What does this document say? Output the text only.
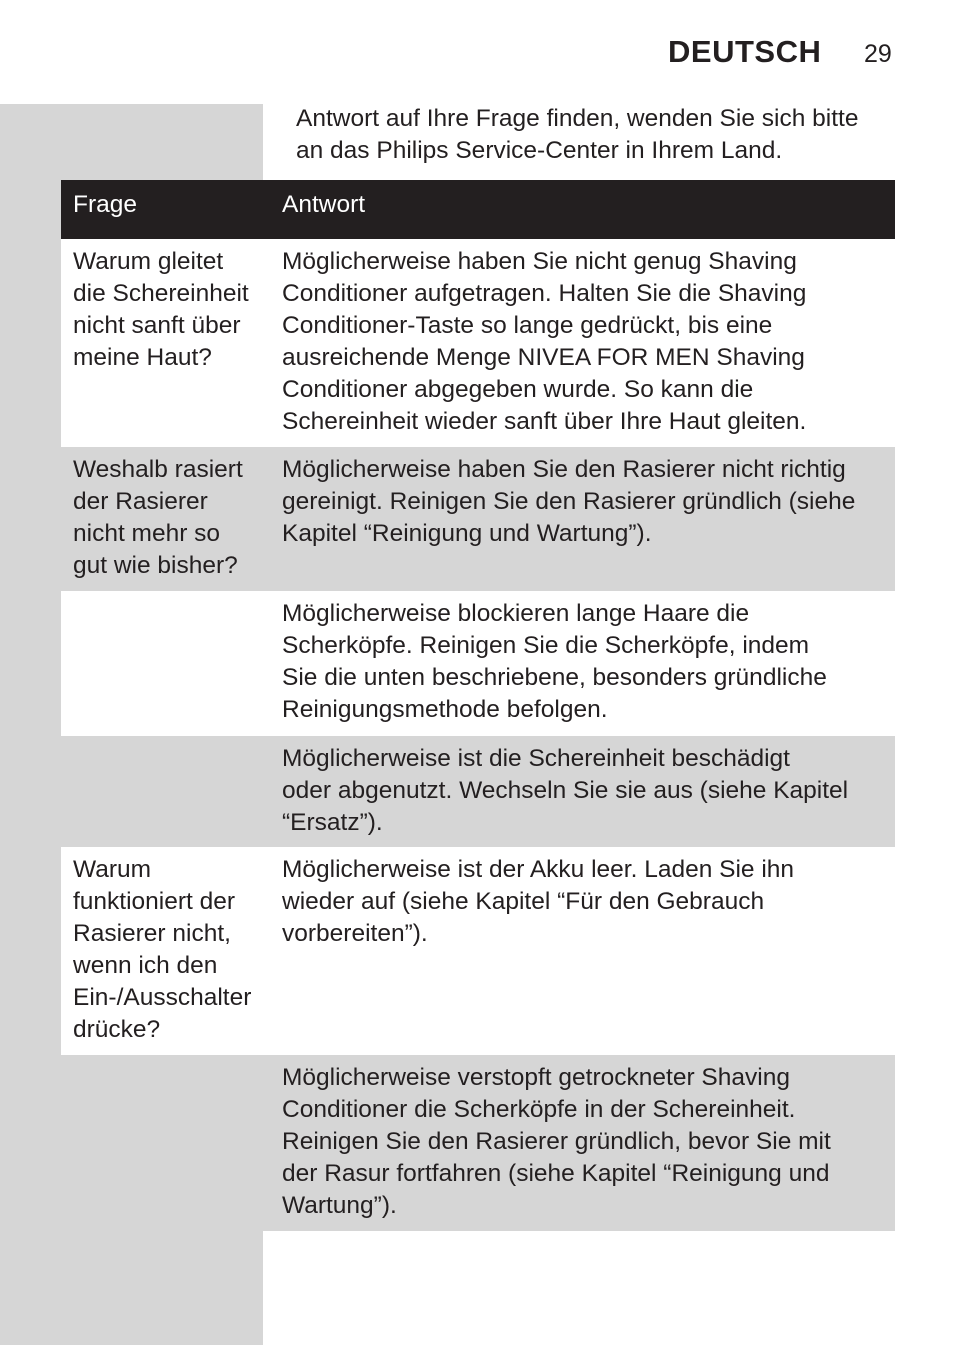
DEUTSCH	29
Antwort auf Ihre Frage finden, wenden Sie sich bitte
an das Philips Service-Center in Ihrem Land.
Frage	Antwort
Warum gleitet
die Schereinheit
nicht sanft über
meine Haut?
Möglicherweise haben Sie nicht genug Shaving
Conditioner aufgetragen. Halten Sie die Shaving
Conditioner-Taste so lange gedrückt, bis eine
ausreichende Menge NIVEA FOR MEN Shaving
Conditioner abgegeben wurde. So kann die
Schereinheit wieder sanft über Ihre Haut gleiten.
Weshalb rasiert
der Rasierer
nicht mehr so
gut wie bisher?
Möglicherweise haben Sie den Rasierer nicht richtig
gereinigt. Reinigen Sie den Rasierer gründlich (siehe
Kapitel “Reinigung und Wartung”).
Möglicherweise blockieren lange Haare die
Scherköpfe. Reinigen Sie die Scherköpfe, indem
Sie die unten beschriebene, besonders gründliche
Reinigungsmethode befolgen.
Möglicherweise ist die Schereinheit beschädigt
oder abgenutzt. Wechseln Sie sie aus (siehe Kapitel
“Ersatz”).
Warum
funktioniert der
Rasierer nicht,
wenn ich den
Ein-/Ausschalter
drücke?
Möglicherweise ist der Akku leer. Laden Sie ihn
wieder auf (siehe Kapitel “Für den Gebrauch
vorbereiten”).
Möglicherweise verstopft getrockneter Shaving
Conditioner die Scherköpfe in der Schereinheit.
Reinigen Sie den Rasierer gründlich, bevor Sie mit
der Rasur fortfahren (siehe Kapitel “Reinigung und
Wartung”).
